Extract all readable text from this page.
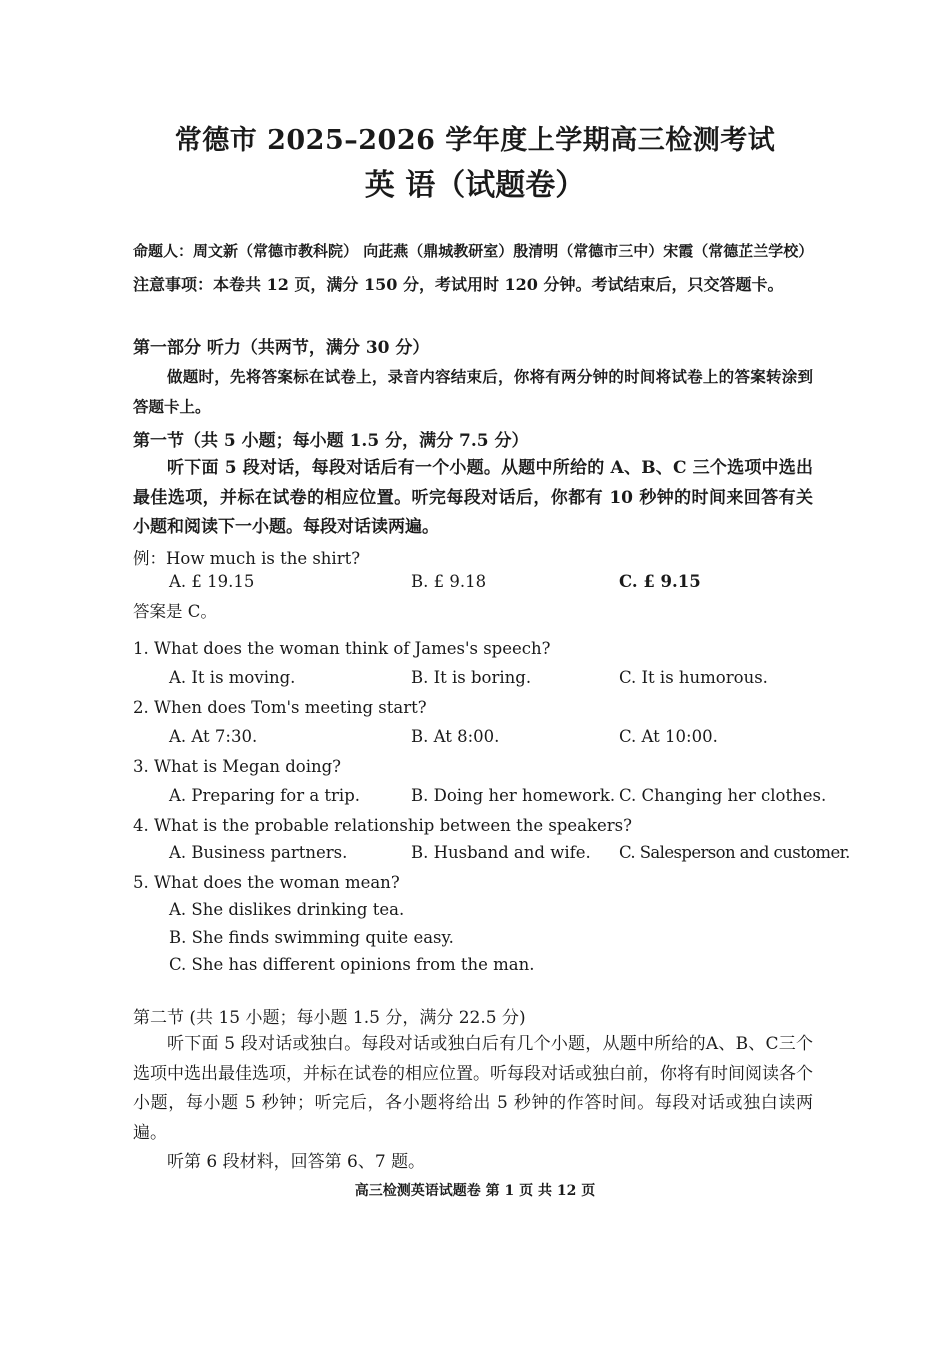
常德市 2025–2026 学年度上学期高三检测考试
英 语（试题卷）
命题人：周文新（常德市教科院） 向茈燕（鼎城教研室）殷清明（常德市三中）宋霞（常德芷兰学校）
注意事项：本卷共 12 页，满分 150 分，考试用时 120 分钟。考试结束后，只交答题卡。
第一部分 听力（共两节，满分 30 分）
做题时，先将答案标在试卷上，录音内容结束后，你将有两分钟的时间将试卷上的答案转涂到答题卡上。
第一节（共 5 小题；每小题 1.5 分，满分 7.5 分）
听下面 5 段对话，每段对话后有一个小题。从题中所给的 A、B、C 三个选项中选出最佳选项，并标在试卷的相应位置。听完每段对话后，你都有 10 秒钟的时间来回答有关小题和阅读下一小题。每段对话读两遍。
例：How much is the shirt?
A. £ 19.15	B. £ 9.18	C. £ 9.15
答案是 C。
1. What does the woman think of James's speech?
A. It is moving.	B. It is boring.	C. It is humorous.
2. When does Tom's meeting start?
A. At 7:30.	B. At 8:00.	C. At 10:00.
3. What is Megan doing?
A. Preparing for a trip.	B. Doing her homework. C. Changing her clothes.
4. What is the probable relationship between the speakers?
A. Business partners.	B. Husband and wife. C. Salesperson and customer.
5. What does the woman mean?
A. She dislikes drinking tea.
B. She finds swimming quite easy.
C. She has different opinions from the man.
第二节 (共 15 小题；每小题 1.5 分，满分 22.5 分)
听下面 5 段对话或独白。每段对话或独白后有几个小题，从题中所给的A、B、C三个选项中选出最佳选项，并标在试卷的相应位置。听每段对话或独白前，你将有时间阅读各个小题，每小题 5 秒钟；听完后，各小题将给出 5 秒钟的作答时间。每段对话或独白读两遍。
听第 6 段材料，回答第 6、7 题。
高三检测英语试题卷 第 1 页 共 12 页
